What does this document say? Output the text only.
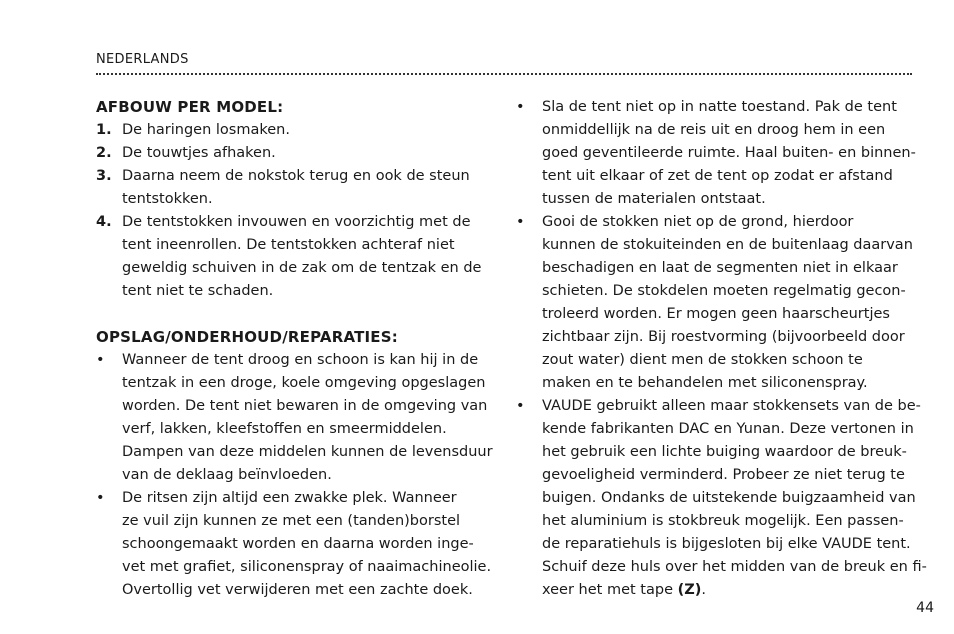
NEDERLANDS
AFBOUW PER MODEL:
1. De haringen losmaken.
2. De touwtjes afhaken.
3. Daarna neem de nokstok terug en ook de steun
tentstokken.
4. De tentstokken invouwen en voorzichtig met de
tent ineenrollen. De tentstokken achteraf niet
geweldig schuiven in de zak om de tentzak en de
tent niet te schaden.
OPSLAG/ONDERHOUD/REPARATIES:
• Wanneer de tent droog en schoon is kan hij in de
tentzak in een droge, koele omgeving opgeslagen
worden. De tent niet bewaren in de omgeving van
verf, lakken, kleefstoffen en smeermiddelen.
Dampen van deze middelen kunnen de levensduur
van de deklaag beïnvloeden.
• De ritsen zijn altijd een zwakke plek. Wanneer
ze vuil zijn kunnen ze met een (tanden)borstel
schoongemaakt worden en daarna worden inge-
vet met grafiet, siliconenspray of naaimachineolie.
Overtollig vet verwijderen met een zachte doek.
• Sla de tent niet op in natte toestand. Pak de tent
onmiddellijk na de reis uit en droog hem in een
goed geventileerde ruimte. Haal buiten- en binnen-
tent uit elkaar of zet de tent op zodat er afstand
tussen de materialen ontstaat.
• Gooi de stokken niet op de grond, hierdoor
kunnen de stokuiteinden en de buitenlaag daarvan
beschadigen en laat de segmenten niet in elkaar
schieten. De stokdelen moeten regelmatig gecon-
troleerd worden. Er mogen geen haarscheurtjes
zichtbaar zijn. Bij roestvorming (bijvoorbeeld door
zout water) dient men de stokken schoon te
maken en te behandelen met siliconenspray.
• VAUDE gebruikt alleen maar stokkensets van de be-
kende fabrikanten DAC en Yunan. Deze vertonen in
het gebruik een lichte buiging waardoor de breuk-
gevoeligheid verminderd. Probeer ze niet terug te
buigen. Ondanks de uitstekende buigzaamheid van
het aluminium is stokbreuk mogelijk. Een passen-
de reparatiehuls is bijgesloten bij elke VAUDE tent.
Schuif deze huls over het midden van de breuk en fi-
xeer het met tape (Z).
44
